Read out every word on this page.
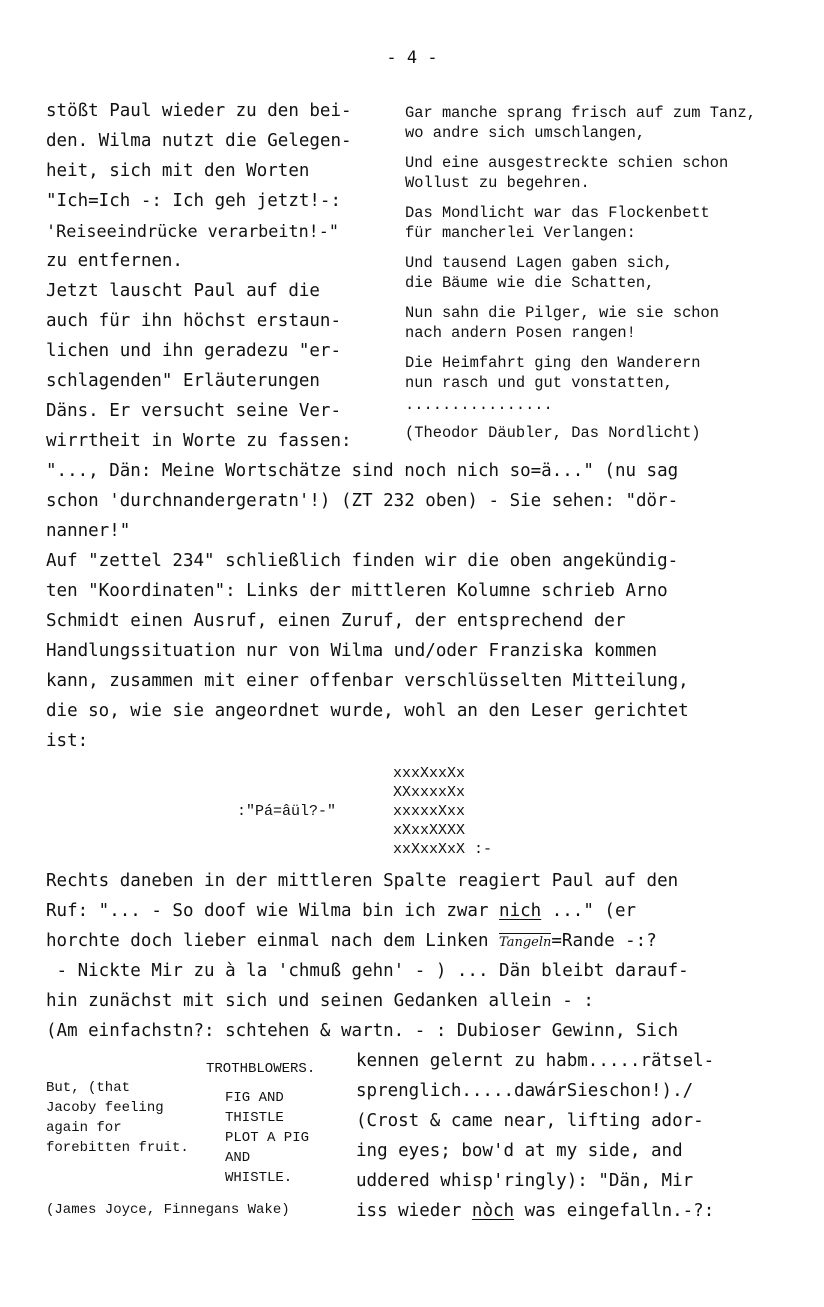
- 4 -
stößt Paul wieder zu den bei-
den. Wilma nutzt die Gelegen-
heit, sich mit den Worten
"Ich=Ich -: Ich geh jetzt!-:
'Reiseeindrücke verarbeitn!-"
zu entfernen.
Jetzt lauscht Paul auf die
auch für ihn höchst erstaun-
lichen und ihn geradezu "er-
schlagenden" Erläuterungen
Däns. Er versucht seine Ver-
wirrtheit in Worte zu fassen:
Gar manche sprang frisch auf zum Tanz,
wo andre sich umschlangen,
Und eine ausgestreckte schien schon
Wollust zu begehren.
Das Mondlicht war das Flockenbett
für mancherlei Verlangen:
Und tausend Lagen gaben sich,
die Bäume wie die Schatten,
Nun sahn die Pilger, wie sie schon
nach andern Posen rangen!
Die Heimfahrt ging den Wanderern
nun rasch und gut vonstatten,
................
(Theodor Däubler, Das Nordlicht)
"..., Dän: Meine Wortschätze sind noch nich so=ä..." (nu sag
schon 'durchnandergeratn'!) (ZT 232 oben) - Sie sehen: "dör-
nanner!"
Auf "zettel 234" schließlich finden wir die oben angekündig-
ten "Koordinaten": Links der mittleren Kolumne schrieb Arno
Schmidt einen Ausruf, einen Zuruf, der entsprechend der
Handlungssituation nur von Wilma und/oder Franziska kommen
kann, zusammen mit einer offenbar verschlüsselten Mitteilung,
die so, wie sie angeordnet wurde, wohl an den Leser gerichtet
ist:
:"Pá=âül?-"
xxxXxxXx
XXxxxxXx
xxxxxXxx
xXxxXXXX
xxXxxXxX :-
Rechts daneben in der mittleren Spalte reagiert Paul auf den
Ruf: "... - So doof wie Wilma bin ich zwar nich ..." (er
horchte doch lieber einmal nach dem Linken Tangeln=Rande -:?
- Nickte Mir zu à la 'chmuß gehn' - ) ... Dän bleibt darauf-
hin zunächst mit sich und seinen Gedanken allein - :
(Am einfachstn?: schtehen & wartn. - : Dubioser Gewinn, Sich
TROTHBLOWERS.
But, (that
Jacoby feeling
again for
forebitten fruit.
FIG AND
THISTLE
PLOT A PIG
AND
WHISTLE.
(James Joyce, Finnegans Wake)
kennen gelernt zu habm.....rätsel-
sprenglich.....dawárSieschon!)./
(Crost & came near, lifting ador-
ing eyes; bow'd at my side, and
uddered whisp'ringly): "Dän, Mir
iss wieder nòch was eingefalln.-?:
